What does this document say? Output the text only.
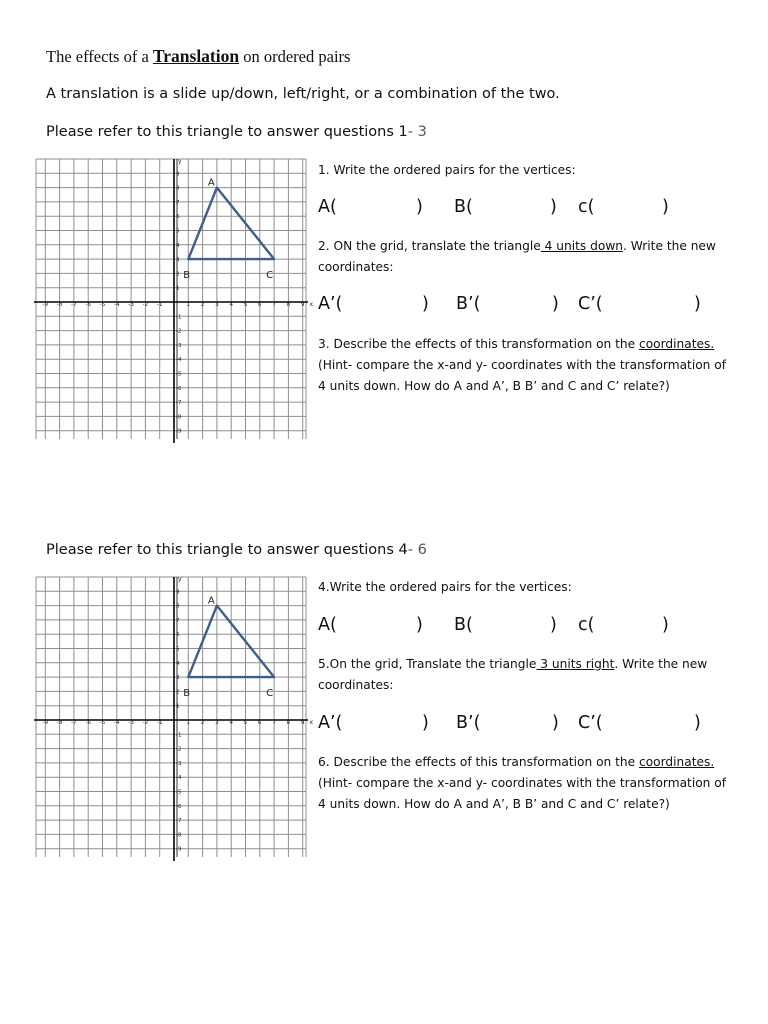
The effects of a Translation on ordered pairs
A translation is a slide up/down, left/right, or a combination of the two.
Please refer to this triangle to answer questions 1- 3
-9 -8 -7 -6 -5 -4 -3 -2 -1	1 2 3 4 5 6 7 8 9 x
9
8
7
6
5
4
3
2
1
-1
-2
-3
-4
-5
-6
-7
-8
-9
y
A
B	C
1. Write the ordered pairs for the vertices:
A(	) B(	) c(	)
2. ON the grid, translate the triangle 4 units down. Write the new coordinates:
A’(	) B’(	) C’(	)
3. Describe the effects of this transformation on the coordinates. (Hint- compare the x-and y- coordinates with the transformation of 4 units down. How do A and A’, B B’ and C and C’ relate?)
Please refer to this triangle to answer questions 4- 6
-9 -8 -7 -6 -5 -4 -3 -2 -1	1 2 3 4 5 6 7 8 9 x
9
8
7
6
5
4
3
2
1
-1
-2
-3
-4
-5
-6
-7
-8
-9
y
A
B	C
4.Write the ordered pairs for the vertices:
A(	) B(	) c(	)
5.On the grid, Translate the triangle 3 units right. Write the new coordinates:
A’(	) B’(	) C’(	)
6. Describe the effects of this transformation on the coordinates. (Hint- compare the x-and y- coordinates with the transformation of 4 units down. How do A and A’, B B’ and C and C’ relate?)
